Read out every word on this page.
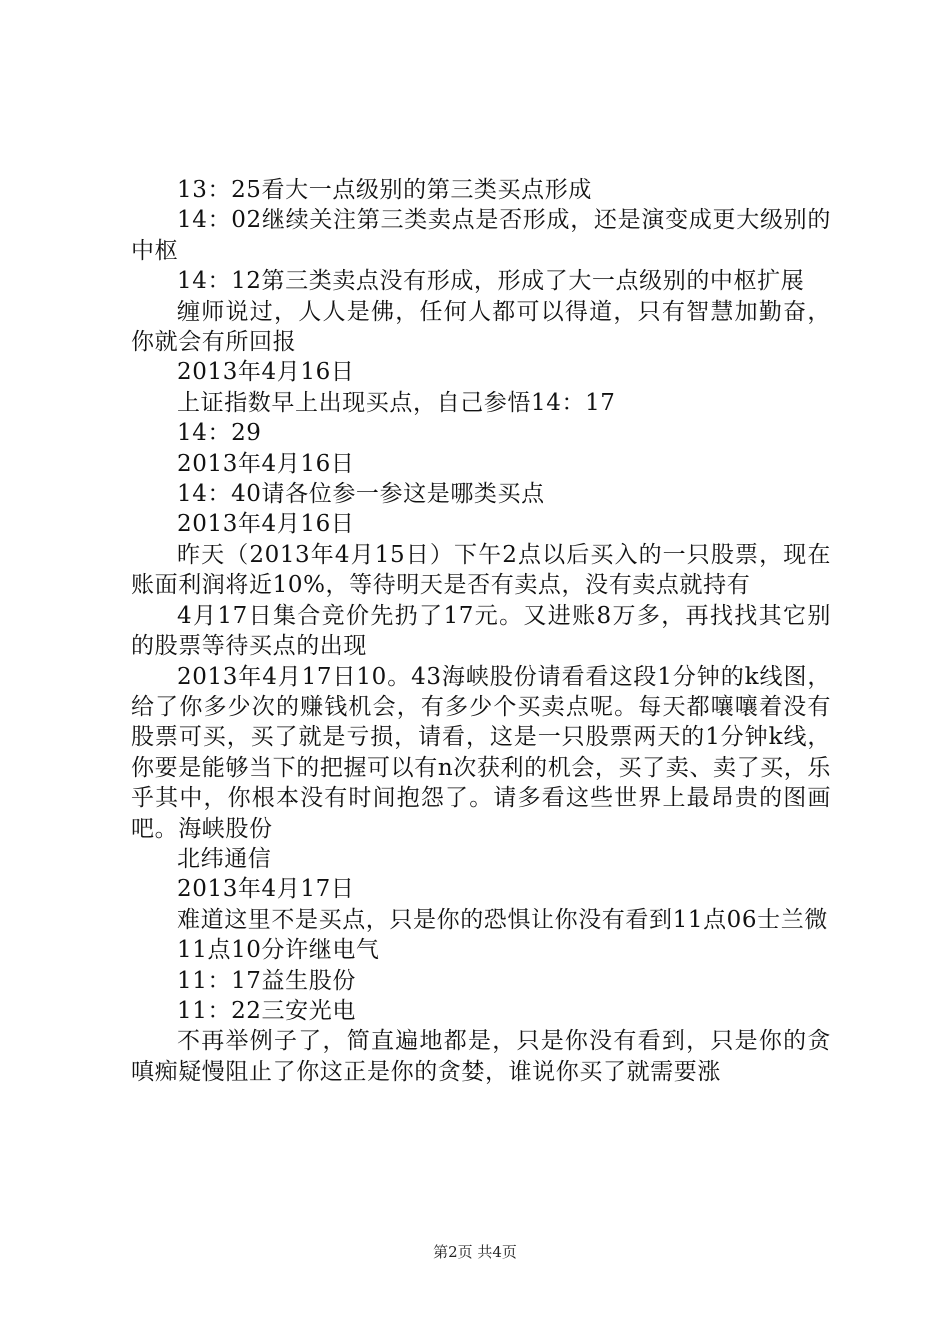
13：25看大一点级别的第三类买点形成

14：02继续关注第三类卖点是否形成，还是演变成更大级别的中枢

14：12第三类卖点没有形成，形成了大一点级别的中枢扩展

缠师说过，人人是佛，任何人都可以得道，只有智慧加勤奋，你就会有所回报

2013年4月16日

上证指数早上出现买点，自己参悟14：17

14：29

2013年4月16日

14：40请各位参一参这是哪类买点

2013年4月16日

昨天（2013年4月15日）下午2点以后买入的一只股票，现在账面利润将近10%，等待明天是否有卖点，没有卖点就持有

4月17日集合竞价先扔了17元。又进账8万多，再找找其它别的股票等待买点的出现

2013年4月17日10。43海峡股份请看看这段1分钟的k线图，给了你多少次的赚钱机会，有多少个买卖点呢。每天都嚷嚷着没有股票可买，买了就是亏损，请看，这是一只股票两天的1分钟k线，你要是能够当下的把握可以有n次获利的机会，买了卖、卖了买，乐乎其中，你根本没有时间抱怨了。请多看这些世界上最昂贵的图画吧。海峡股份

北纬通信

2013年4月17日

难道这里不是买点，只是你的恐惧让你没有看到11点06士兰微

11点10分许继电气

11：17益生股份

11：22三安光电

不再举例子了，简直遍地都是，只是你没有看到，只是你的贪嗔痴疑慢阻止了你这正是你的贪婪，谁说你买了就需要涨

第2页 共4页
